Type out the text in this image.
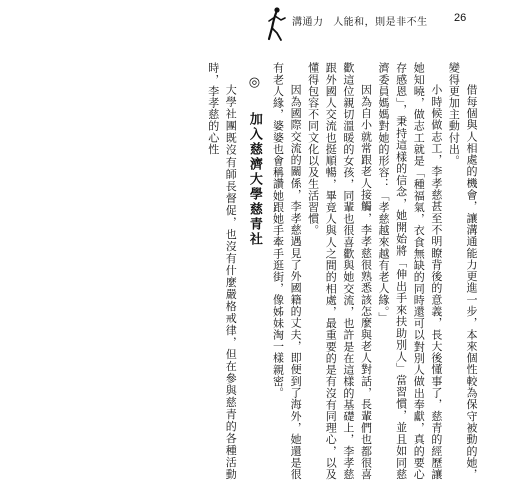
溝通力 人能和，則是非不生	26

借每個與人相處的機會，讓溝通能力更進一步，本來個性較為保守被動的她，變得更加主動付出。

小時候做志工，李孝慈甚至不明瞭背後的意義，長大後懂事了，慈青的經歷讓她知曉，做志工就是「種福氣，衣食無缺的同時還可以對別人做出奉獻，真的要心存感恩」，秉持這樣的信念，她開始將「伸出手來扶助別人」當習慣，並且如同慈濟委員媽媽對她的形容：「孝慈越來越有老人緣。」

因為自小就常跟老人接觸，李孝慈很熟悉該怎麼與老人對話，長輩們也都很喜歡這位親切溫暖的女孩，同輩也很喜歡與她交流，也許是在這樣的基礎上，李孝慈跟外國人交流也挺順暢，畢竟人與人之間的相處，最重要的是有沒有同理心，以及懂得包容不同文化以及生活習慣。

因為國際交流的關係，李孝慈遇見了外國籍的丈夫，即便到了海外，她還是很有老人緣，婆婆也會稱讚她跟她手牽手逛街，像姊妹淘一樣親密。

◎ 加入慈濟大學慈青社

大學社團既沒有師長督促，也沒有什麼嚴格戒律，但在參與慈青的各種活動時，李孝慈的心性
